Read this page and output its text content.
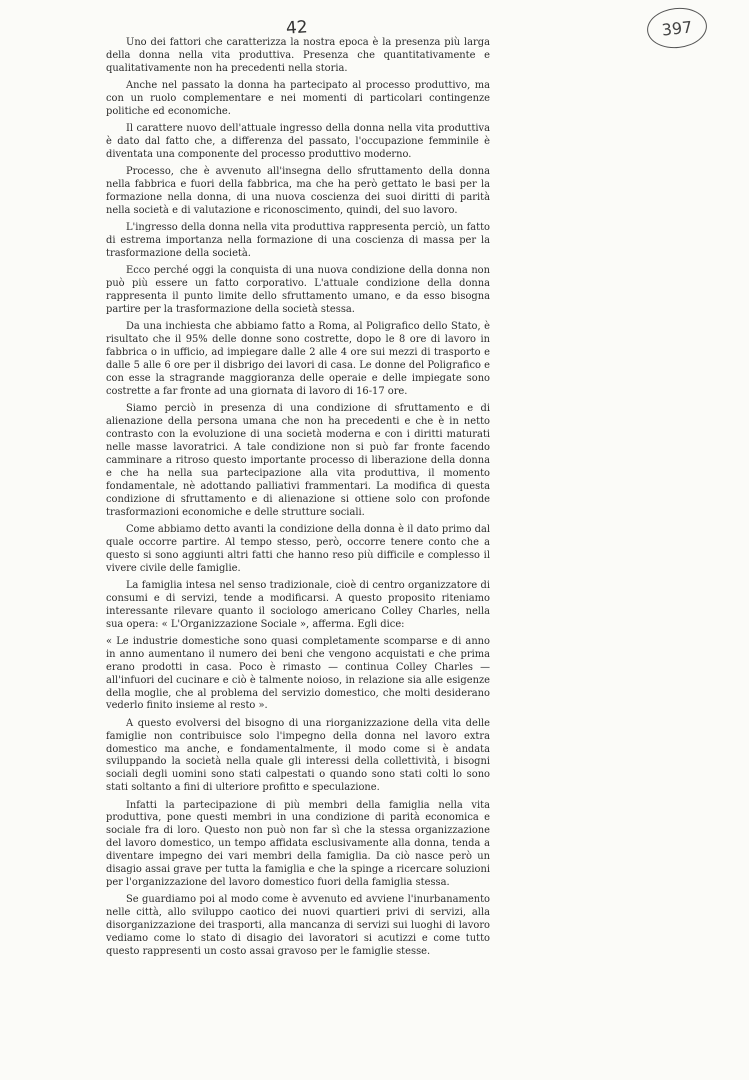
42	397

Uno dei fattori che caratterizza la nostra epoca è la presenza più larga della donna nella vita produttiva. Presenza che quantitativamente e qualitativamente non ha precedenti nella storia.

Anche nel passato la donna ha partecipato al processo produttivo, ma con un ruolo complementare e nei momenti di particolari contingenze politiche ed economiche.

Il carattere nuovo dell'attuale ingresso della donna nella vita produttiva è dato dal fatto che, a differenza del passato, l'occupazione femminile è diventata una componente del processo produttivo moderno.

Processo, che è avvenuto all'insegna dello sfruttamento della donna nella fabbrica e fuori della fabbrica, ma che ha però gettato le basi per la formazione nella donna, di una nuova coscienza dei suoi diritti di parità nella società e di valutazione e riconoscimento, quindi, del suo lavoro.

L'ingresso della donna nella vita produttiva rappresenta perciò, un fatto di estrema importanza nella formazione di una coscienza di massa per la trasformazione della società.

Ecco perché oggi la conquista di una nuova condizione della donna non può più essere un fatto corporativo. L'attuale condizione della donna rappresenta il punto limite dello sfruttamento umano, e da esso bisogna partire per la trasformazione della società stessa.

Da una inchiesta che abbiamo fatto a Roma, al Poligrafico dello Stato, è risultato che il 95% delle donne sono costrette, dopo le 8 ore di lavoro in fabbrica o in ufficio, ad impiegare dalle 2 alle 4 ore sui mezzi di trasporto e dalle 5 alle 6 ore per il disbrigo dei lavori di casa. Le donne del Poligrafico e con esse la stragrande maggioranza delle operaie e delle impiegate sono costrette a far fronte ad una giornata di lavoro di 16-17 ore.

Siamo perciò in presenza di una condizione di sfruttamento e di alienazione della persona umana che non ha precedenti e che è in netto contrasto con la evoluzione di una società moderna e con i diritti maturati nelle masse lavoratrici. A tale condizione non si può far fronte facendo camminare a ritroso questo importante processo di liberazione della donna e che ha nella sua partecipazione alla vita produttiva, il momento fondamentale, nè adottando palliativi frammentari. La modifica di questa condizione di sfruttamento e di alienazione si ottiene solo con profonde trasformazioni economiche e delle strutture sociali.

Come abbiamo detto avanti la condizione della donna è il dato primo dal quale occorre partire. Al tempo stesso, però, occorre tenere conto che a questo si sono aggiunti altri fatti che hanno reso più difficile e complesso il vivere civile delle famiglie.

La famiglia intesa nel senso tradizionale, cioè di centro organizzatore di consumi e di servizi, tende a modificarsi. A questo proposito riteniamo interessante rilevare quanto il sociologo americano Colley Charles, nella sua opera: « L'Organizzazione Sociale », afferma. Egli dice:

« Le industrie domestiche sono quasi completamente scomparse e di anno in anno aumentano il numero dei beni che vengono acquistati e che prima erano prodotti in casa. Poco è rimasto — continua Colley Charles — all'infuori del cucinare e ciò è talmente noioso, in relazione sia alle esigenze della moglie, che al problema del servizio domestico, che molti desiderano vederlo finito insieme al resto ».

A questo evolversi del bisogno di una riorganizzazione della vita delle famiglie non contribuisce solo l'impegno della donna nel lavoro extra domestico ma anche, e fondamentalmente, il modo come si è andata sviluppando la società nella quale gli interessi della collettività, i bisogni sociali degli uomini sono stati calpestati o quando sono stati colti lo sono stati soltanto a fini di ulteriore profitto e speculazione.

Infatti la partecipazione di più membri della famiglia nella vita produttiva, pone questi membri in una condizione di parità economica e sociale fra di loro. Questo non può non far sì che la stessa organizzazione del lavoro domestico, un tempo affidata esclusivamente alla donna, tenda a diventare impegno dei vari membri della famiglia. Da ciò nasce però un disagio assai grave per tutta la famiglia e che la spinge a ricercare soluzioni per l'organizzazione del lavoro domestico fuori della famiglia stessa.

Se guardiamo poi al modo come è avvenuto ed avviene l'inurbanamento nelle città, allo sviluppo caotico dei nuovi quartieri privi di servizi, alla disorganizzazione dei trasporti, alla mancanza di servizi sui luoghi di lavoro vediamo come lo stato di disagio dei lavoratori si acutizzi e come tutto questo rappresenti un costo assai gravoso per le famiglie stesse.
